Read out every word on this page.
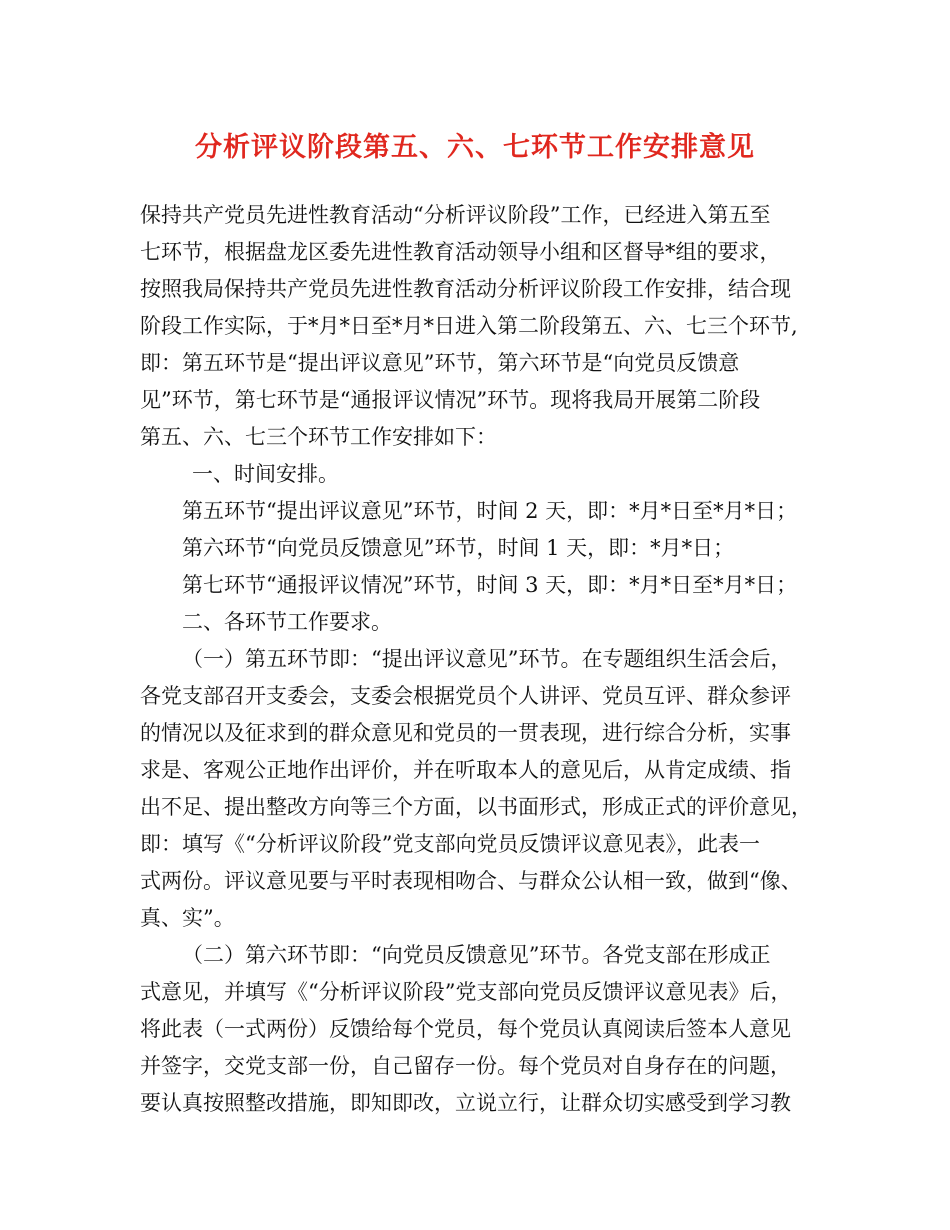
分析评议阶段第五、六、七环节工作安排意见

保持共产党员先进性教育活动“分析评议阶段”工作，已经进入第五至

七环节，根据盘龙区委先进性教育活动领导小组和区督导*组的要求，

按照我局保持共产党员先进性教育活动分析评议阶段工作安排，结合现

阶段工作实际，于*月*日至*月*日进入第二阶段第五、六、七三个环节,

即：第五环节是“提出评议意见”环节，第六环节是“向党员反馈意

见”环节，第七环节是“通报评议情况”环节。现将我局开展第二阶段

第五、六、七三个环节工作安排如下：

一、时间安排。

第五环节“提出评议意见”环节，时间 2 天，即：*月*日至*月*日；

第六环节“向党员反馈意见”环节，时间 1 天，即：*月*日；

第七环节“通报评议情况”环节，时间 3 天，即：*月*日至*月*日；

二、各环节工作要求。

（一）第五环节即：“提出评议意见”环节。在专题组织生活会后，

各党支部召开支委会，支委会根据党员个人讲评、党员互评、群众参评

的情况以及征求到的群众意见和党员的一贯表现，进行综合分析，实事

求是、客观公正地作出评价，并在听取本人的意见后，从肯定成绩、指

出不足、提出整改方向等三个方面，以书面形式，形成正式的评价意见，

即：填写《“分析评议阶段”党支部向党员反馈评议意见表》，此表一

式两份。评议意见要与平时表现相吻合、与群众公认相一致，做到“像、

真、实”。

（二）第六环节即：“向党员反馈意见”环节。各党支部在形成正

式意见，并填写《“分析评议阶段”党支部向党员反馈评议意见表》后，

将此表（一式两份）反馈给每个党员，每个党员认真阅读后签本人意见

并签字，交党支部一份，自己留存一份。每个党员对自身存在的问题，

要认真按照整改措施，即知即改，立说立行，让群众切实感受到学习教
